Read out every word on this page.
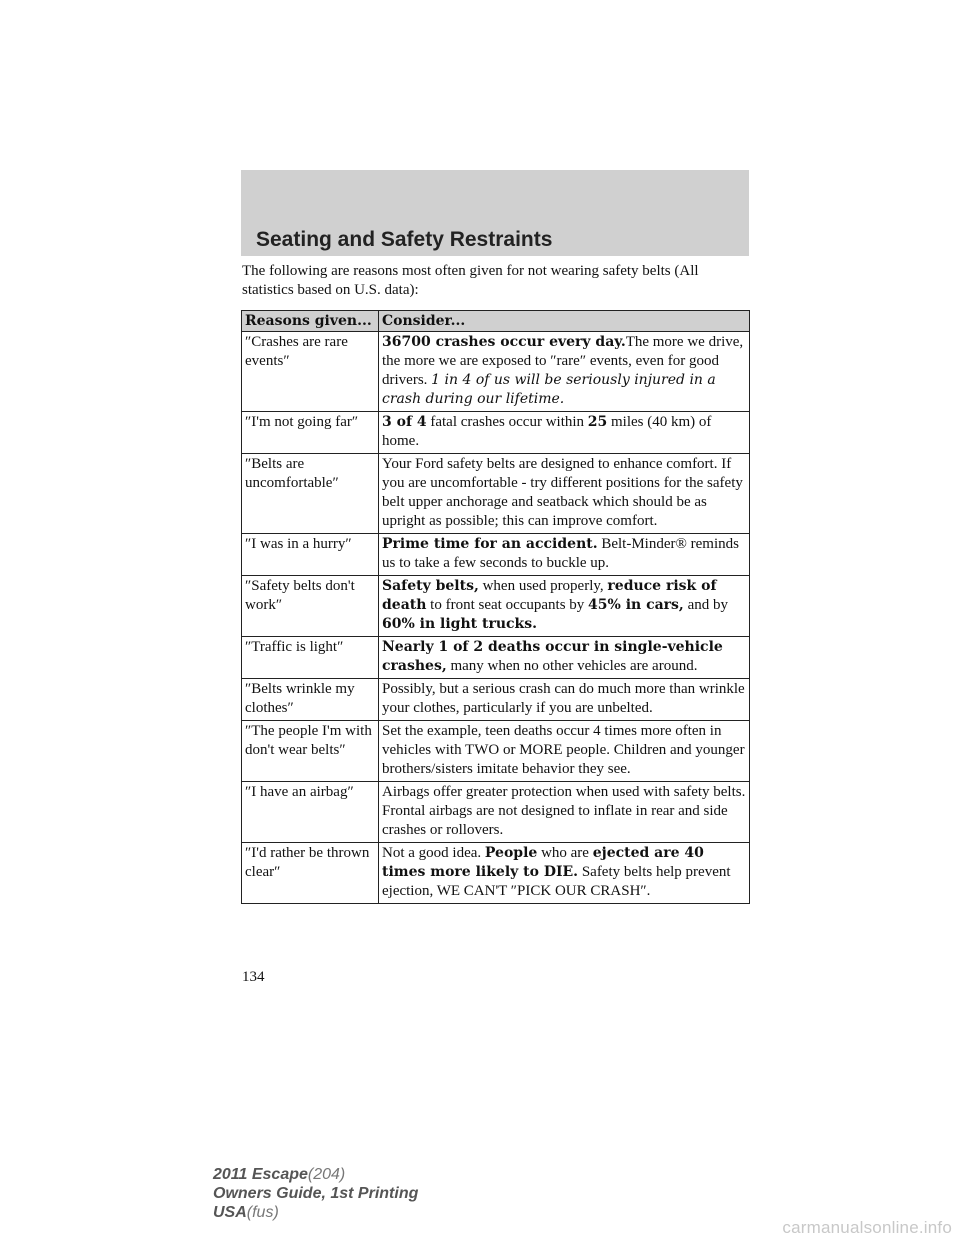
Seating and Safety Restraints
The following are reasons most often given for not wearing safety belts (All statistics based on U.S. data):
Reasons given...	Consider...
″Crashes are rare events″	36700 crashes occur every day.The more we drive, the more we are exposed to ″rare″ events, even for good drivers. 1 in 4 of us will be seriously injured in a crash during our lifetime.
″I'm not going far″	3 of 4 fatal crashes occur within 25 miles (40 km) of home.
″Belts are uncomfortable″	Your Ford safety belts are designed to enhance comfort. If you are uncomfortable - try different positions for the safety belt upper anchorage and seatback which should be as upright as possible; this can improve comfort.
″I was in a hurry″	Prime time for an accident. Belt-Minder® reminds us to take a few seconds to buckle up.
″Safety belts don't work″	Safety belts, when used properly, reduce risk of death to front seat occupants by 45% in cars, and by 60% in light trucks.
″Traffic is light″	Nearly 1 of 2 deaths occur in single-vehicle crashes, many when no other vehicles are around.
″Belts wrinkle my clothes″	Possibly, but a serious crash can do much more than wrinkle your clothes, particularly if you are unbelted.
″The people I'm with don't wear belts″	Set the example, teen deaths occur 4 times more often in vehicles with TWO or MORE people. Children and younger brothers/sisters imitate behavior they see.
″I have an airbag″	Airbags offer greater protection when used with safety belts. Frontal airbags are not designed to inflate in rear and side crashes or rollovers.
″I'd rather be thrown clear″	Not a good idea. People who are ejected are 40 times more likely to DIE. Safety belts help prevent ejection, WE CAN'T ″PICK OUR CRASH″.
134
2011 Escape(204)
Owners Guide, 1st Printing
USA(fus)
carmanualsonline.info
